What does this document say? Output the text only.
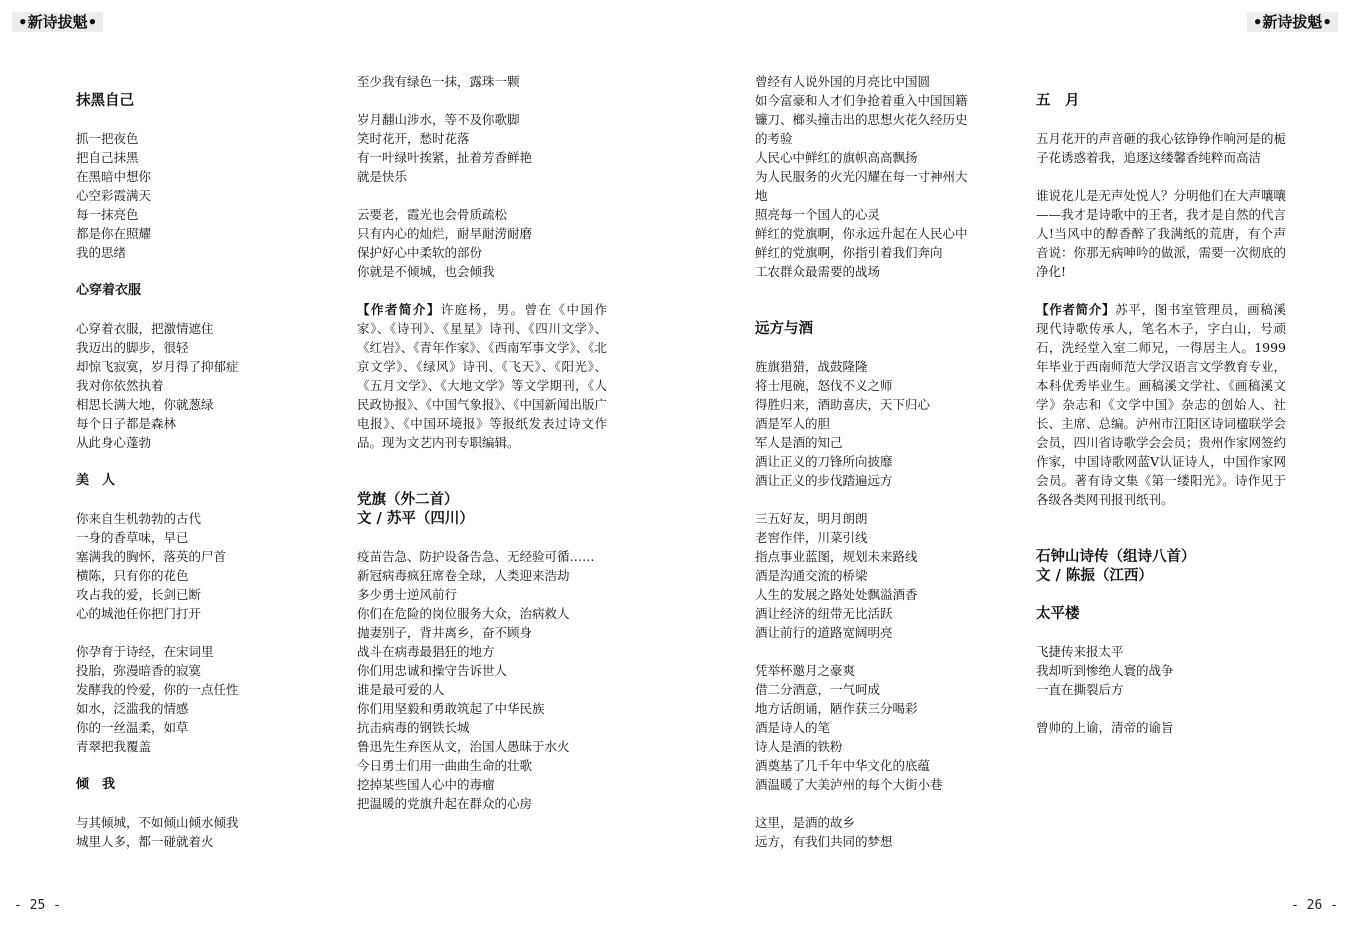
•新诗拔魁•	•新诗拔魁•
抹黑自己
抓一把夜色
把自己抹黑
在黑暗中想你
心空彩霞满天
每一抹亮色
都是你在照耀
我的思绪
心穿着衣服
心穿着衣服，把激情遮住
我迈出的脚步，很轻
却惊飞寂寞，岁月得了抑郁症
我对你依然执着
相思长满大地，你就葱绿
每个日子都是森林
从此身心蓬勃
美　人
你来自生机勃勃的古代
一身的香草味，早已
塞满我的胸怀，落英的尸首
横陈，只有你的花色
攻占我的爱，长剑已断
心的城池任你把门打开
你孕育于诗经，在宋词里
投胎，弥漫暗香的寂寞
发酵我的怜爱，你的一点任性
如水，泛滥我的情感
你的一丝温柔，如草
青翠把我覆盖
倾　我
与其倾城，不如倾山倾水倾我
城里人多，都一碰就着火
至少我有绿色一抹，露珠一颗
岁月翻山涉水，等不及你歌脚
笑时花开，愁时花落
有一叶绿叶挨紧，扯着芳香鲜艳
就是快乐
云要老，霞光也会骨质疏松
只有内心的灿烂，耐旱耐涝耐磨
保护好心中柔软的部份
你就是不倾城，也会倾我
【作者简介】许庭杨，男。曾在《中国作家》、《诗刊》、《星星》诗刊、《四川文学》、《红岩》、《青年作家》、《西南军事文学》、《北京文学》、《绿风》诗刊、《飞天》、《阳光》、《五月文学》、《大地文学》等文学期刊，《人民政协报》、《中国气象报》、《中国新闻出版广电报》、《中国环境报》等报纸发表过诗文作品。现为文艺内刊专职编辑。
党旗（外二首）
文 / 苏平（四川）
疫苗告急、防护设备告急、无经验可循……
新冠病毒疯狂席卷全球，人类迎来浩劫
多少勇士逆风前行
你们在危险的岗位服务大众，治病救人
抛妻别子，背井离乡，奋不顾身
战斗在病毒最猖狂的地方
你们用忠诚和操守告诉世人
谁是最可爱的人
你们用坚毅和勇敢筑起了中华民族
抗击病毒的钢铁长城
鲁迅先生弃医从文，治国人愚昧于水火
今日勇士们用一曲曲生命的壮歌
挖掉某些国人心中的毒瘤
把温暖的党旗升起在群众的心房
曾经有人说外国的月亮比中国圆
如今富豪和人才们争抢着重入中国国籍
镰刀、榔头撞击出的思想火花久经历史
的考验
人民心中鲜红的旗帜高高飘扬
为人民服务的火光闪耀在每一寸神州大
地
照亮每一个国人的心灵
鲜红的党旗啊，你永远升起在人民心中
鲜红的党旗啊，你指引着我们奔向
工农群众最需要的战场
远方与酒
旌旗猎猎，战鼓隆隆
将士甩碗，怒伐不义之师
得胜归来，酒助喜庆，天下归心
酒是军人的胆
军人是酒的知己
酒让正义的刀锋所向披靡
酒让正义的步伐踏遍远方
三五好友，明月朗朗
老窖作伴，川菜引线
指点事业蓝图，规划未来路线
酒是沟通交流的桥梁
人生的发展之路处处飘溢酒香
酒让经济的纽带无比活跃
酒让前行的道路宽阔明亮
凭举杯邀月之豪爽
借二分酒意，一气呵成
地方话朗诵，陋作获三分喝彩
酒是诗人的笔
诗人是酒的铁粉
酒奠基了几千年中华文化的底蕴
酒温暖了大美泸州的每个大街小巷
这里，是酒的故乡
远方，有我们共同的梦想
五　月
五月花开的声音砸的我心铉铮铮作响河是的栀子花诱惑着我，追逐这缕馨香纯粹而高洁
谁说花儿是无声处悦人？分明他们在大声嚷嚷——我才是诗歌中的王者，我才是自然的代言人!当风中的醇香醉了我满纸的荒唐，有个声音说：你那无病呻吟的做派，需要一次彻底的净化!
【作者简介】苏平，图书室管理员，画稿溪现代诗歌传承人，笔名木子，字白山，号顽石，洗经堂入室二师兄，一得居主人。1999年毕业于西南师范大学汉语言文学教育专业，本科优秀毕业生。画稿溪文学社、《画稿溪文学》杂志和《文学中国》杂志的创始人、社长、主席、总编。泸州市江阳区诗词楹联学会会员，四川省诗歌学会会员；贵州作家网签约作家，中国诗歌网蓝Ⅴ认证诗人，中国作家网会员。著有诗文集《第一缕阳光》。诗作见于各级各类网刊报刊纸刊。
石钟山诗传（组诗八首）
文 / 陈振（江西）
太平楼
飞捷传来报太平
我却听到惨绝人寰的战争
一直在撕裂后方
曾帅的上谕，清帝的谕旨
- 25 -	- 26 -
